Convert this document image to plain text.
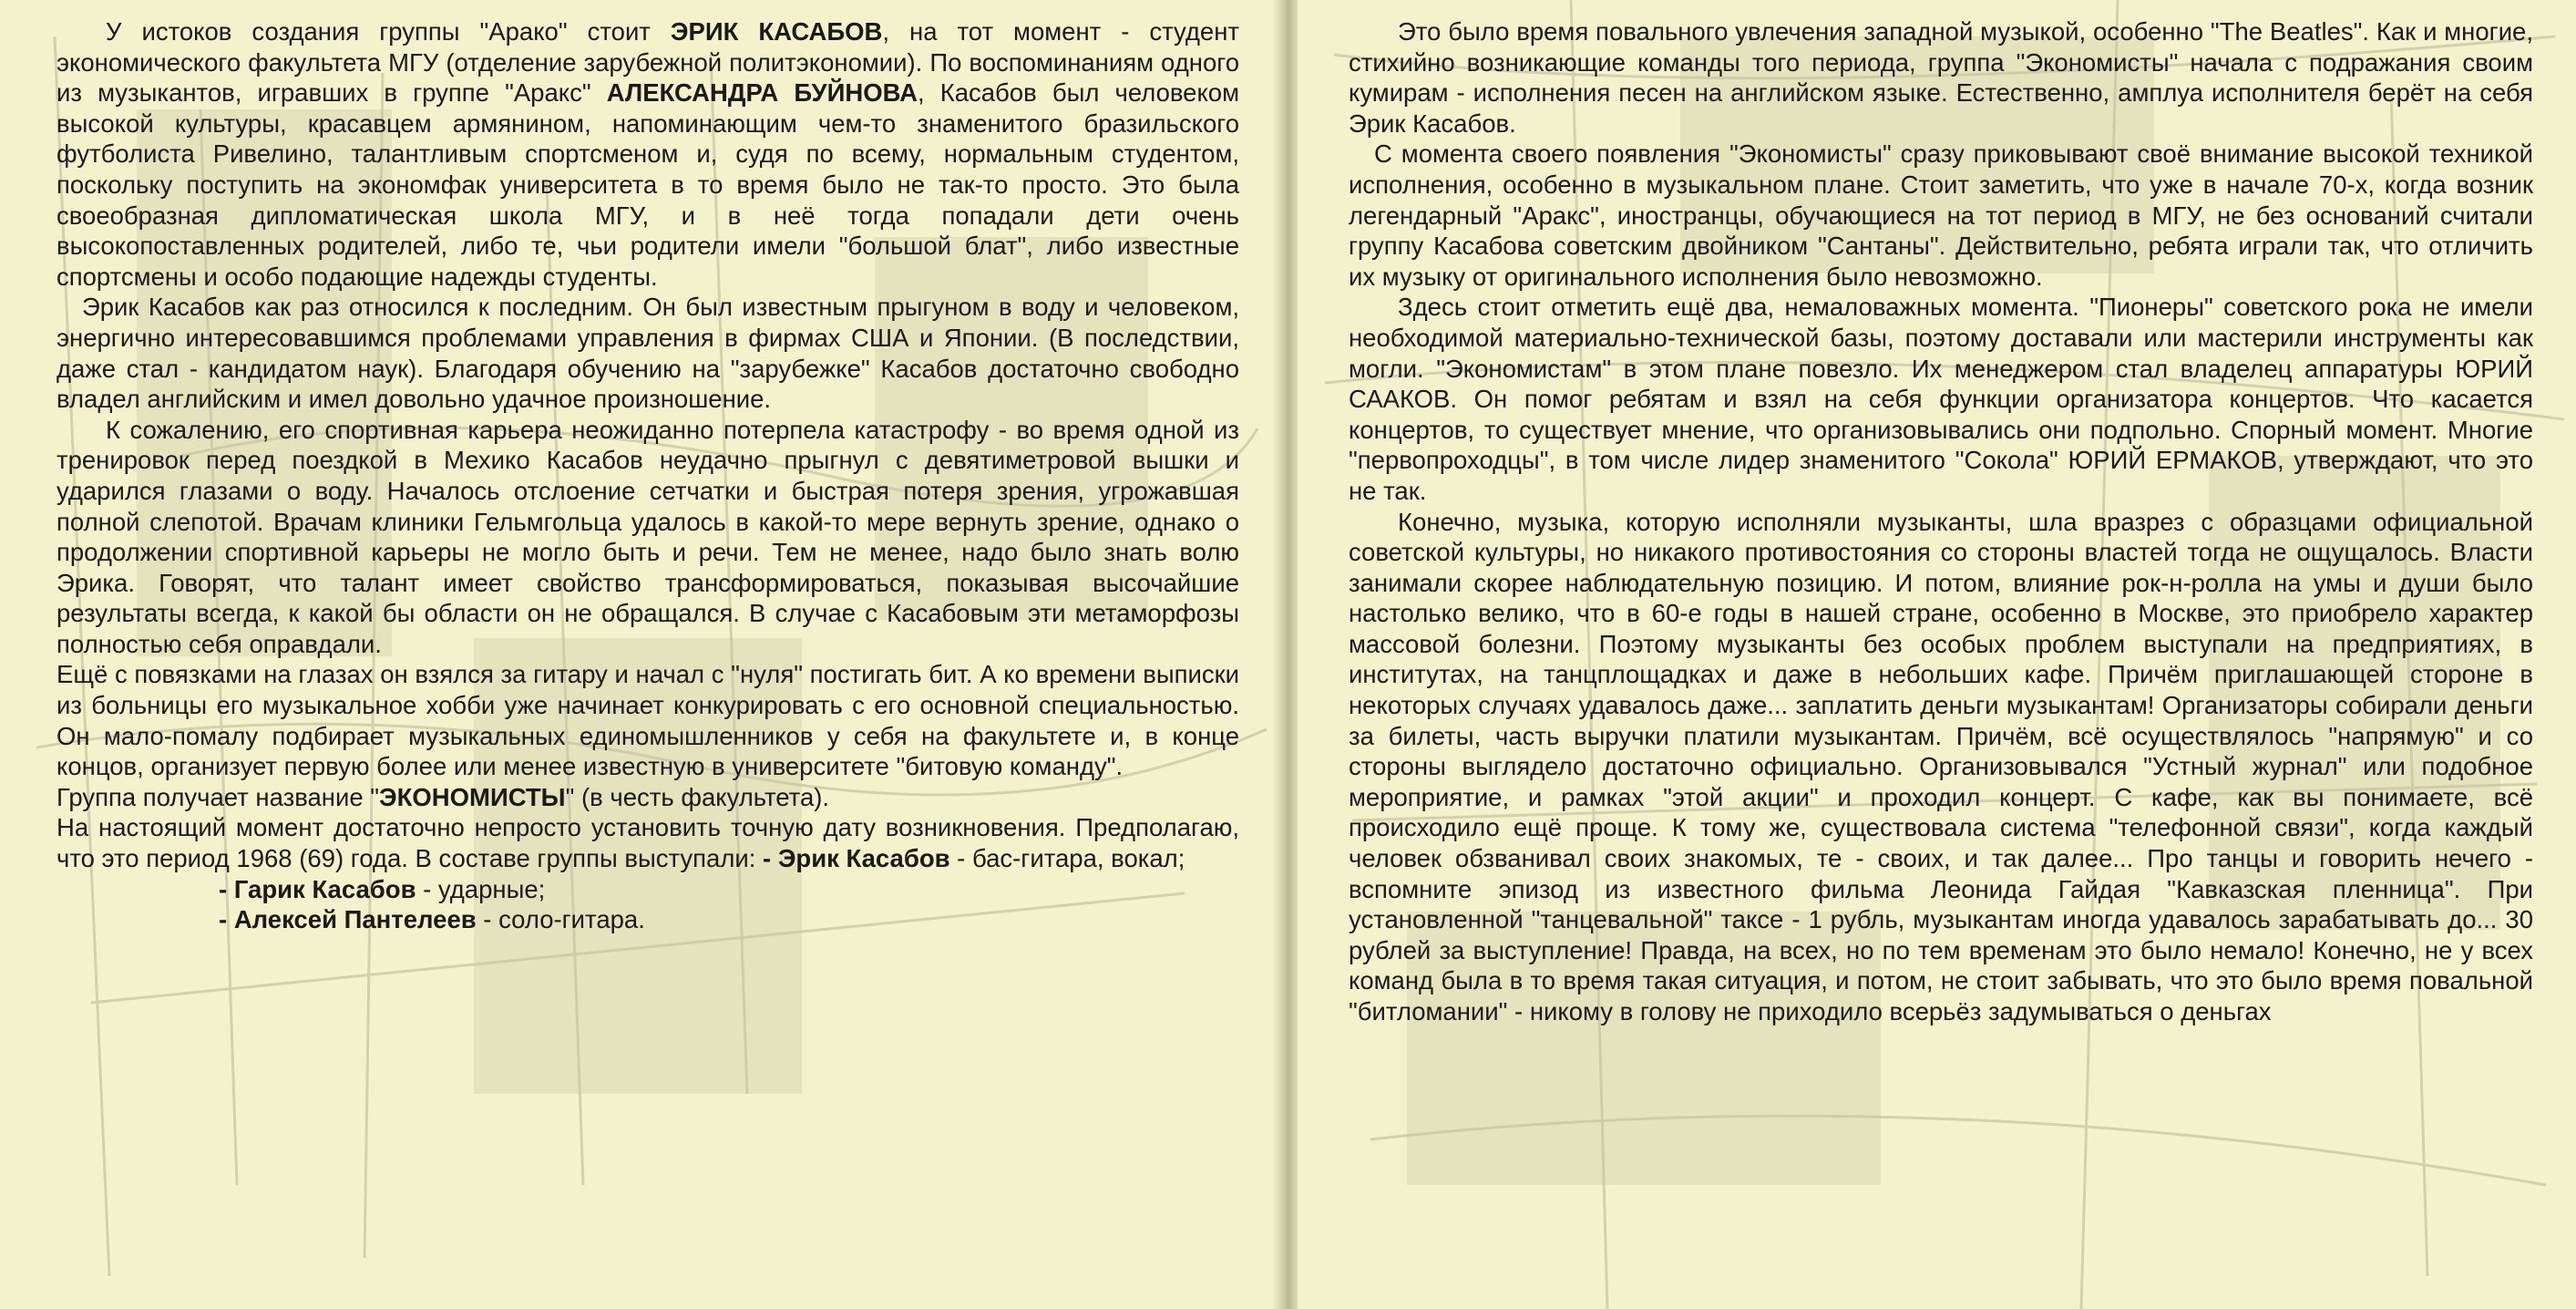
У истоков создания группы "Арако" стоит ЭРИК КАСАБОВ, на тот момент - студент экономического факультета МГУ (отделение зарубежной политэкономии). По воспоминаниям одного из музыкантов, игравших в группе "Аракс" АЛЕКСАНДРА БУЙНОВА, Касабов был человеком высокой культуры, красавцем армянином, напоминающим чем-то знаменитого бразильского футболиста Ривелино, талантливым спортсменом и, судя по всему, нормальным студентом, поскольку поступить на экономфак университета в то время было не так-то просто. Это была своеобразная дипломатическая школа МГУ, и в неё тогда попадали дети очень высокопоставленных родителей, либо те, чьи родители имели "большой блат", либо известные спортсмены и особо подающие надежды студенты.

Эрик Касабов как раз относился к последним. Он был известным прыгуном в воду и человеком, энергично интересовавшимся проблемами управления в фирмах США и Японии. (В последствии, даже стал - кандидатом наук). Благодаря обучению на "зарубежке" Касабов достаточно свободно владел английским и имел довольно удачное произношение.

К сожалению, его спортивная карьера неожиданно потерпела катастрофу - во время одной из тренировок перед поездкой в Мехико Касабов неудачно прыгнул с девятиметровой вышки и ударился глазами о воду. Началось отслоение сетчатки и быстрая потеря зрения, угрожавшая полной слепотой. Врачам клиники Гельмгольца удалось в какой-то мере вернуть зрение, однако о продолжении спортивной карьеры не могло быть и речи. Тем не менее, надо было знать волю Эрика. Говорят, что талант имеет свойство трансформироваться, показывая высочайшие результаты всегда, к какой бы области он не обращался. В случае с Касабовым эти метаморфозы полностью себя оправдали.

Ещё с повязками на глазах он взялся за гитару и начал с "нуля" постигать бит. А ко времени выписки из больницы его музыкальное хобби уже начинает конкурировать с его основной специальностью. Он мало-помалу подбирает музыкальных единомышленников у себя на факультете и, в конце концов, организует первую более или менее известную в университете "битовую команду".

Группа получает название "ЭКОНОМИСТЫ" (в честь факультета).

На настоящий момент достаточно непросто установить точную дату возникновения. Предполагаю, что это период 1968 (69) года. В составе группы выступали: - Эрик Касабов - бас-гитара, вокал;

- Гарик Касабов - ударные;
- Алексей Пантелеев - соло-гитара.

Это было время повального увлечения западной музыкой, особенно "The Beatles". Как и многие, стихийно возникающие команды того периода, группа "Экономисты" начала с подражания своим кумирам - исполнения песен на английском языке. Естественно, амплуа исполнителя берёт на себя Эрик Касабов.

С момента своего появления "Экономисты" сразу приковывают своё внимание высокой техникой исполнения, особенно в музыкальном плане. Стоит заметить, что уже в начале 70-х, когда возник легендарный "Аракс", иностранцы, обучающиеся на тот период в МГУ, не без оснований считали группу Касабова советским двойником "Сантаны". Действительно, ребята играли так, что отличить их музыку от оригинального исполнения было невозможно.

Здесь стоит отметить ещё два, немаловажных момента. "Пионеры" советского рока не имели необходимой материально-технической базы, поэтому доставали или мастерили инструменты как могли. "Экономистам" в этом плане повезло. Их менеджером стал владелец аппаратуры ЮРИЙ СААКОВ. Он помог ребятам и взял на себя функции организатора концертов. Что касается концертов, то существует мнение, что организовывались они подпольно. Спорный момент. Многие "первопроходцы", в том числе лидер знаменитого "Сокола" ЮРИЙ ЕРМАКОВ, утверждают, что это не так.

Конечно, музыка, которую исполняли музыканты, шла вразрез с образцами официальной советской культуры, но никакого противостояния со стороны властей тогда не ощущалось. Власти занимали скорее наблюдательную позицию. И потом, влияние рок-н-ролла на умы и души было настолько велико, что в 60-е годы в нашей стране, особенно в Москве, это приобрело характер массовой болезни. Поэтому музыканты без особых проблем выступали на предприятиях, в институтах, на танцплощадках и даже в небольших кафе. Причём приглашающей стороне в некоторых случаях удавалось даже... заплатить деньги музыкантам! Организаторы собирали деньги за билеты, часть выручки платили музыкантам. Причём, всё осуществлялось "напрямую" и со стороны выглядело достаточно официально. Организовывался "Устный журнал" или подобное мероприятие, и рамках "этой акции" и проходил концерт. С кафе, как вы понимаете, всё происходило ещё проще. К тому же, существовала система "телефонной связи", когда каждый человек обзванивал своих знакомых, те - своих, и так далее... Про танцы и говорить нечего - вспомните эпизод из известного фильма Леонида Гайдая "Кавказская пленница". При установленной "танцевальной" таксе - 1 рубль, музыкантам иногда удавалось зарабатывать до... 30 рублей за выступление! Правда, на всех, но по тем временам это было немало! Конечно, не у всех команд была в то время такая ситуация, и потом, не стоит забывать, что это было время повальной "битломании" - никому в голову не приходило всерьёз задумываться о деньгах
